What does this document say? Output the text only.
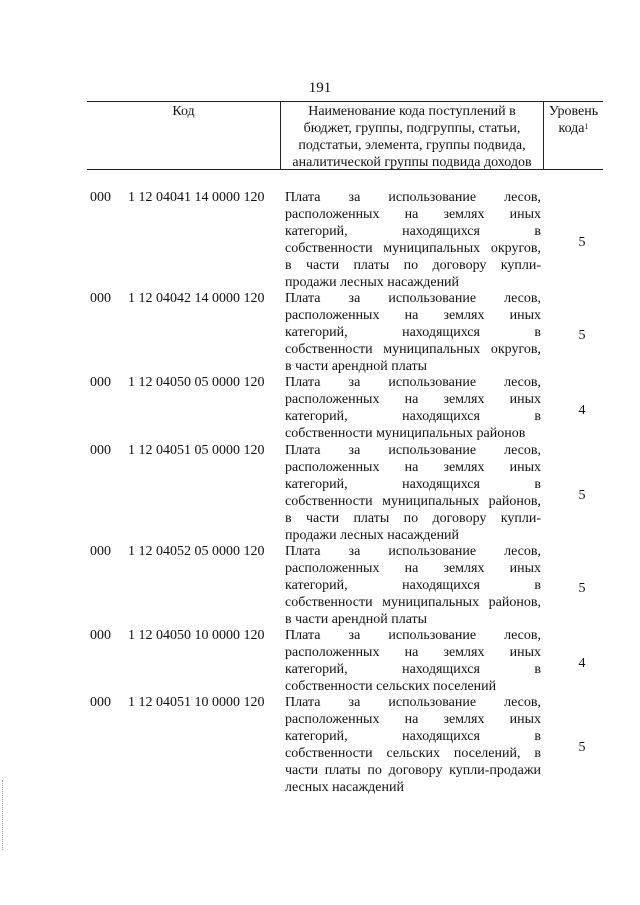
191
Код	Наименование кода поступлений в
бюджет, группы, подгруппы, статьи,
подстатьи, элемента, группы подвида,
аналитической группы подвида доходов
Уровень
кода$^1$
000	1 12 04041 14 0000 120	Плата за использование лесов,
расположенных на землях иных
категорий, находящихся в
собственности муниципальных округов,
в части платы по договору купли-
продажи лесных насаждений
5
000	1 12 04042 14 0000 120	Плата за использование лесов,
расположенных на землях иных
категорий, находящихся в
собственности муниципальных округов,
в части арендной платы
5
000	1 12 04050 05 0000 120	Плата за использование лесов,
расположенных на землях иных
категорий, находящихся в
собственности муниципальных районов
4
000	1 12 04051 05 0000 120	Плата за использование лесов,
расположенных на землях иных
категорий, находящихся в
собственности муниципальных районов,
в части платы по договору купли-
продажи лесных насаждений
5
000	1 12 04052 05 0000 120	Плата за использование лесов,
расположенных на землях иных
категорий, находящихся в
собственности муниципальных районов,
в части арендной платы
5
000	1 12 04050 10 0000 120	Плата за использование лесов,
расположенных на землях иных
категорий, находящихся в
собственности сельских поселений
4
000	1 12 04051 10 0000 120	Плата за использование лесов,
расположенных на землях иных
категорий, находящихся в
собственности сельских поселений, в
части платы по договору купли-продажи
лесных насаждений
5
